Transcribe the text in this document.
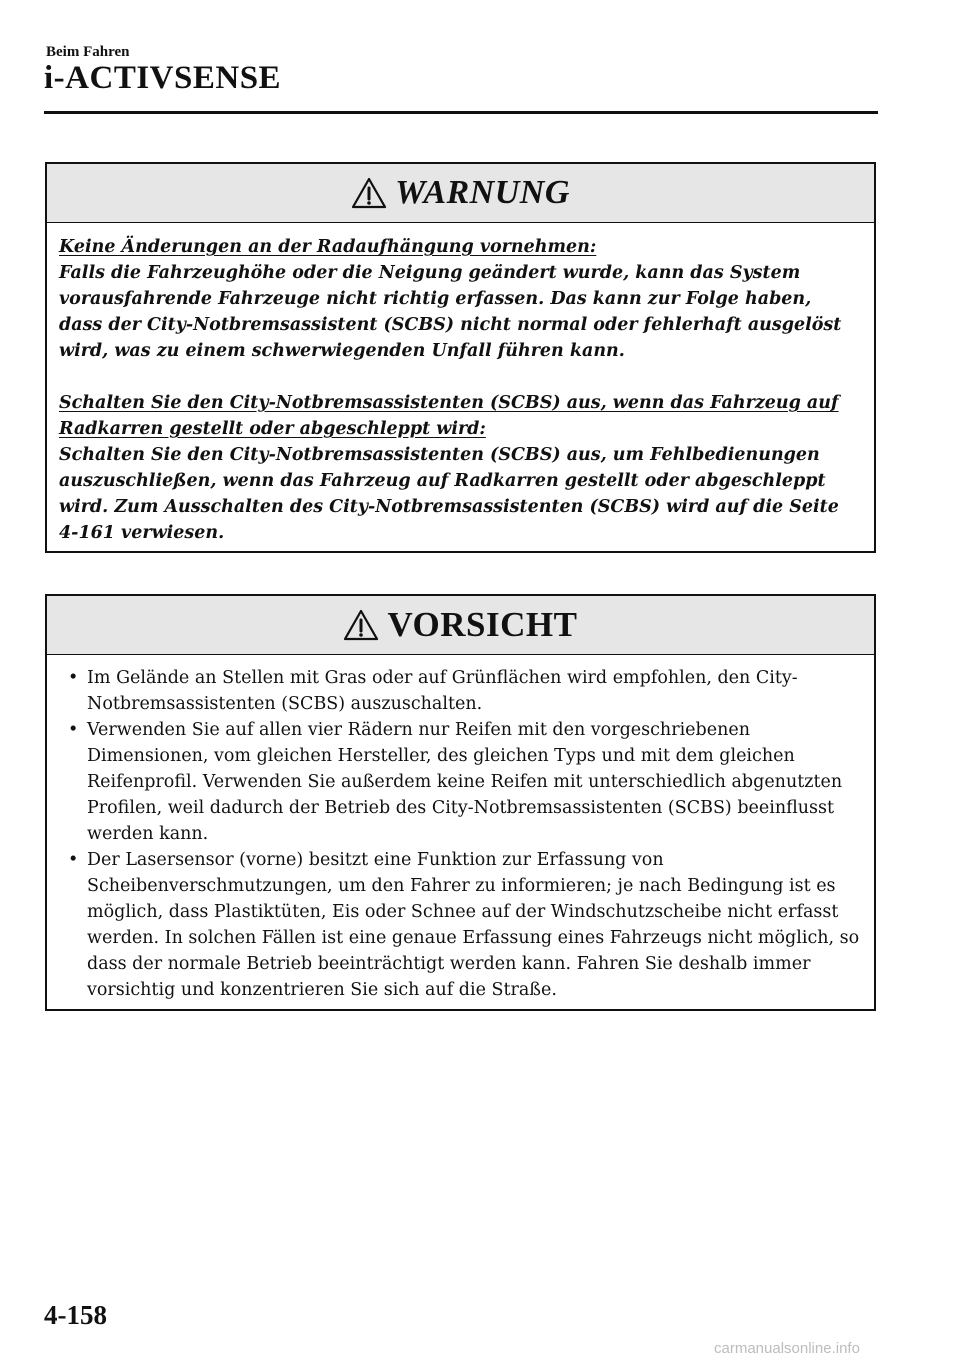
Beim Fahren
i-ACTIVSENSE
WARNUNG

Keine Änderungen an der Radaufhängung vornehmen:

Falls die Fahrzeughöhe oder die Neigung geändert wurde, kann das System vorausfahrende Fahrzeuge nicht richtig erfassen. Das kann zur Folge haben, dass der City-Notbremsassistent (SCBS) nicht normal oder fehlerhaft ausgelöst wird, was zu einem schwerwiegenden Unfall führen kann.

Schalten Sie den City-Notbremsassistenten (SCBS) aus, wenn das Fahrzeug auf Radkarren gestellt oder abgeschleppt wird:

Schalten Sie den City-Notbremsassistenten (SCBS) aus, um Fehlbedienungen auszuschließen, wenn das Fahrzeug auf Radkarren gestellt oder abgeschleppt wird. Zum Ausschalten des City-Notbremsassistenten (SCBS) wird auf die Seite 4-161 verwiesen.

VORSICHT
• Im Gelände an Stellen mit Gras oder auf Grünflächen wird empfohlen, den City-Notbremsassistenten (SCBS) auszuschalten.
• Verwenden Sie auf allen vier Rädern nur Reifen mit den vorgeschriebenen Dimensionen, vom gleichen Hersteller, des gleichen Typs und mit dem gleichen Reifenprofil. Verwenden Sie außerdem keine Reifen mit unterschiedlich abgenutzten Profilen, weil dadurch der Betrieb des City-Notbremsassistenten (SCBS) beeinflusst werden kann.
• Der Lasersensor (vorne) besitzt eine Funktion zur Erfassung von Scheibenverschmutzungen, um den Fahrer zu informieren; je nach Bedingung ist es möglich, dass Plastiktüten, Eis oder Schnee auf der Windschutzscheibe nicht erfasst werden. In solchen Fällen ist eine genaue Erfassung eines Fahrzeugs nicht möglich, so dass der normale Betrieb beeinträchtigt werden kann. Fahren Sie deshalb immer vorsichtig und konzentrieren Sie sich auf die Straße.
4-158
carmanualsonline.info
